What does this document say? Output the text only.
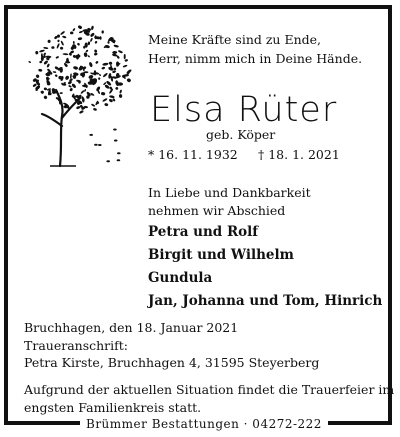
Meine Kräfte sind zu Ende,
Herr, nimm mich in Deine Hände.
Elsa Rüter
geb. Köper
* 16. 11. 1932 † 18. 1. 2021
In Liebe und Dankbarkeit
nehmen wir Abschied
Petra und Rolf
Birgit und Wilhelm
Gundula
Jan, Johanna und Tom, Hinrich
Bruchhagen, den 18. Januar 2021
Traueranschrift:
Petra Kirste, Bruchhagen 4, 31595 Steyerberg
Aufgrund der aktuellen Situation findet die Trauerfeier im
engsten Familienkreis statt.
Brümmer Bestattungen · 04272-222
